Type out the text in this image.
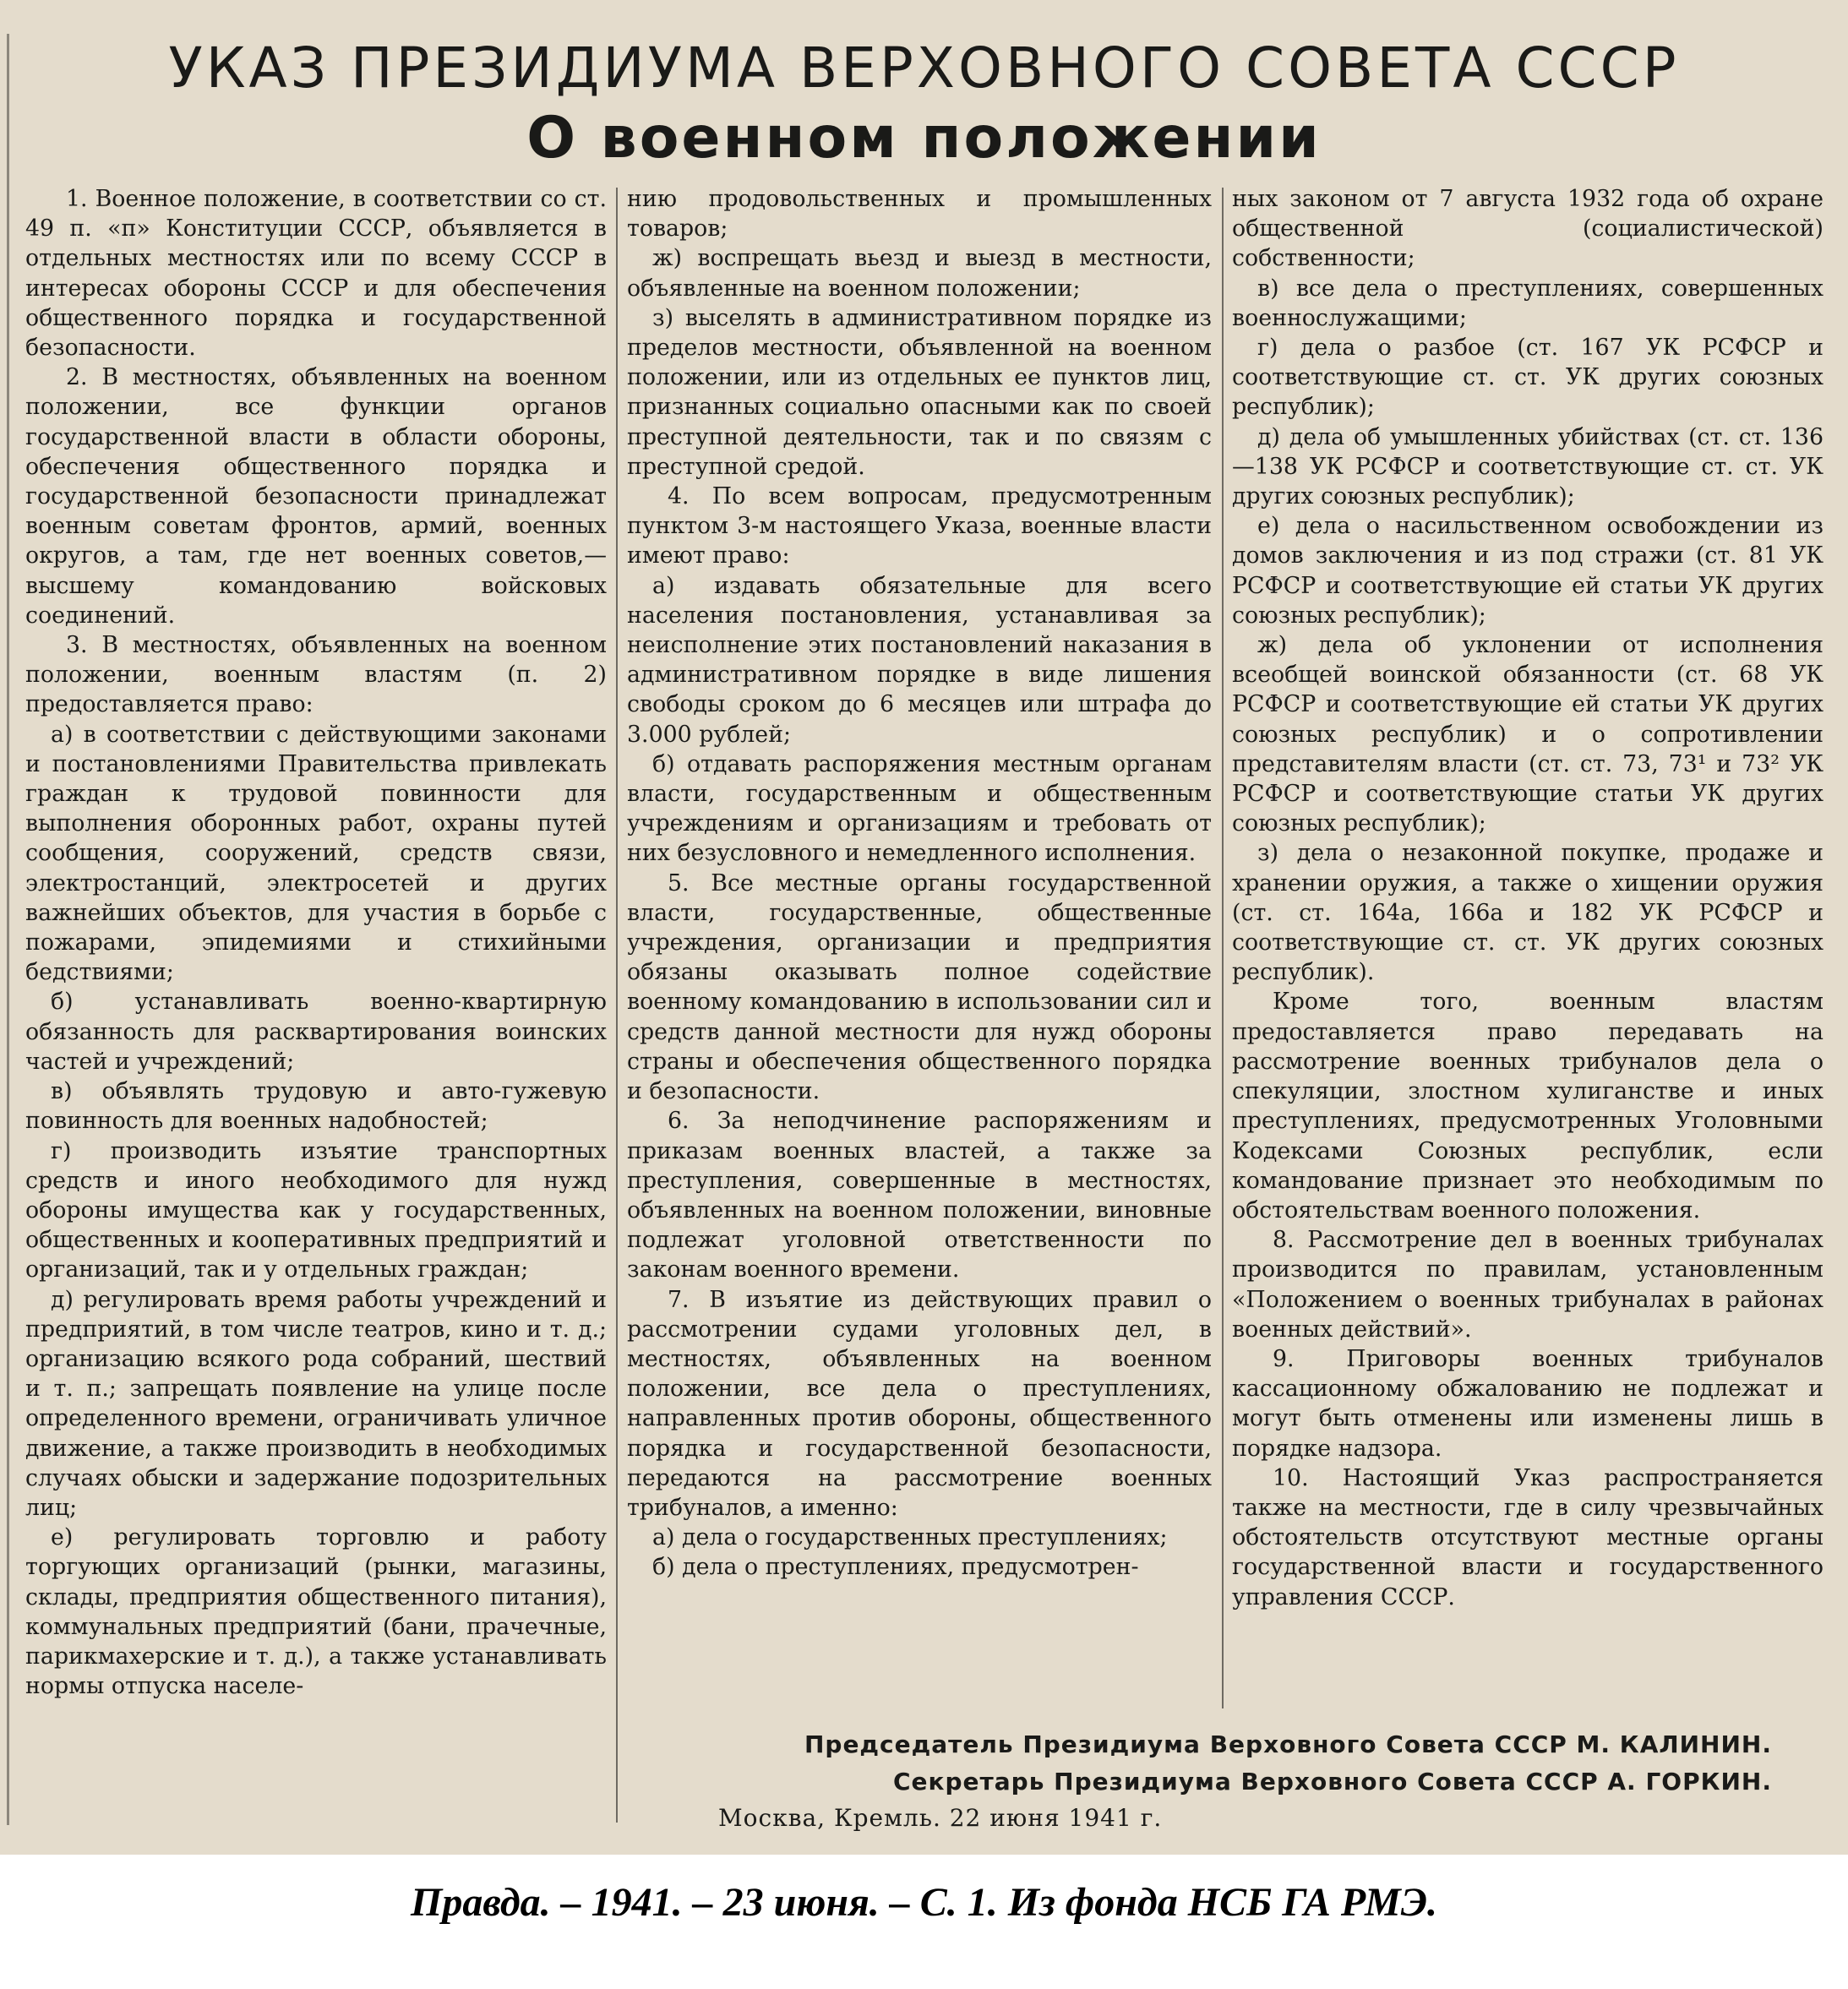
УКАЗ ПРЕЗИДИУМА ВЕРХОВНОГО СОВЕТА СССР
О военном положении

1. Военное положение, в соответствии со ст. 49 п. «п» Конституции СССР, объявляется в отдельных местностях или по всему СССР в интересах обороны СССР и для обеспечения общественного порядка и государственной безопасности.

2. В местностях, объявленных на военном положении, все функции органов государственной власти в области обороны, обеспечения общественного порядка и государственной безопасности принадлежат военным советам фронтов, армий, военных округов, а там, где нет военных советов,— высшему командованию войсковых соединений.

3. В местностях, объявленных на военном положении, военным властям (п. 2) предоставляется право:

а) в соответствии с действующими законами и постановлениями Правительства привлекать граждан к трудовой повинности для выполнения оборонных работ, охраны путей сообщения, сооружений, средств связи, электростанций, электросетей и других важнейших объектов, для участия в борьбе с пожарами, эпидемиями и стихийными бедствиями;

б) устанавливать военно-квартирную обязанность для расквартирования воинских частей и учреждений;

в) объявлять трудовую и авто-гужевую повинность для военных надобностей;

г) производить изъятие транспортных средств и иного необходимого для нужд обороны имущества как у государственных, общественных и кооперативных предприятий и организаций, так и у отдельных граждан;

д) регулировать время работы учреждений и предприятий, в том числе театров, кино и т. д.; организацию всякого рода собраний, шествий и т. п.; запрещать появление на улице после определенного времени, ограничивать уличное движение, а также производить в необходимых случаях обыски и задержание подозрительных лиц;

е) регулировать торговлю и работу торгующих организаций (рынки, магазины, склады, предприятия общественного питания), коммунальных предприятий (бани, прачечные, парикмахерские и т. д.), а также устанавливать нормы отпуска населе-

нию продовольственных и промышленных товаров;

ж) воспрещать вьезд и выезд в местности, объявленные на военном положении;

з) выселять в административном порядке из пределов местности, объявленной на военном положении, или из отдельных ее пунктов лиц, признанных социально опасными как по своей преступной деятельности, так и по связям с преступной средой.

4. По всем вопросам, предусмотренным пунктом 3-м настоящего Указа, военные власти имеют право:

а) издавать обязательные для всего населения постановления, устанавливая за неисполнение этих постановлений наказания в административном порядке в виде лишения свободы сроком до 6 месяцев или штрафа до 3.000 рублей;

б) отдавать распоряжения местным органам власти, государственным и общественным учреждениям и организациям и требовать от них безусловного и немедленного исполнения.

5. Все местные органы государственной власти, государственные, общественные учреждения, организации и предприятия обязаны оказывать полное содействие военному командованию в использовании сил и средств данной местности для нужд обороны страны и обеспечения общественного порядка и безопасности.

6. За неподчинение распоряжениям и приказам военных властей, а также за преступления, совершенные в местностях, объявленных на военном положении, виновные подлежат уголовной ответственности по законам военного времени.

7. В изъятие из действующих правил о рассмотрении судами уголовных дел, в местностях, объявленных на военном положении, все дела о преступлениях, направленных против обороны, общественного порядка и государственной безопасности, передаются на рассмотрение военных трибуналов, а именно:

а) дела о государственных преступлениях;

б) дела о преступлениях, предусмотрен-

ных законом от 7 августа 1932 года об охране общественной (социалистической) собственности;

в) все дела о преступлениях, совершенных военнослужащими;

г) дела о разбое (ст. 167 УК РСФСР и соответствующие ст. ст. УК других союзных республик);

д) дела об умышленных убийствах (ст. ст. 136—138 УК РСФСР и соответствующие ст. ст. УК других союзных республик);

е) дела о насильственном освобождении из домов заключения и из под стражи (ст. 81 УК РСФСР и соответствующие ей статьи УК других союзных республик);

ж) дела об уклонении от исполнения всеобщей воинской обязанности (ст. 68 УК РСФСР и соответствующие ей статьи УК других союзных республик) и о сопротивлении представителям власти (ст. ст. 73, 73¹ и 73² УК РСФСР и соответствующие статьи УК других союзных республик);

з) дела о незаконной покупке, продаже и хранении оружия, а также о хищении оружия (ст. ст. 164а, 166а и 182 УК РСФСР и соответствующие ст. ст. УК других союзных республик).

Кроме того, военным властям предоставляется право передавать на рассмотрение военных трибуналов дела о спекуляции, злостном хулиганстве и иных преступлениях, предусмотренных Уголовными Кодексами Союзных республик, если командование признает это необходимым по обстоятельствам военного положения.

8. Рассмотрение дел в военных трибуналах производится по правилам, установленным «Положением о военных трибуналах в районах военных действий».

9. Приговоры военных трибуналов кассационному обжалованию не подлежат и могут быть отменены или изменены лишь в порядке надзора.

10. Настоящий Указ распространяется также на местности, где в силу чрезвычайных обстоятельств отсутствуют местные органы государственной власти и государственного управления СССР.

Председатель Президиума Верховного Совета СССР М. КАЛИНИН.
Секретарь Президиума Верховного Совета СССР А. ГОРКИН.
Москва, Кремль. 22 июня 1941 г.
Правда. – 1941. – 23 июня. – С. 1. Из фонда НСБ ГА РМЭ.
